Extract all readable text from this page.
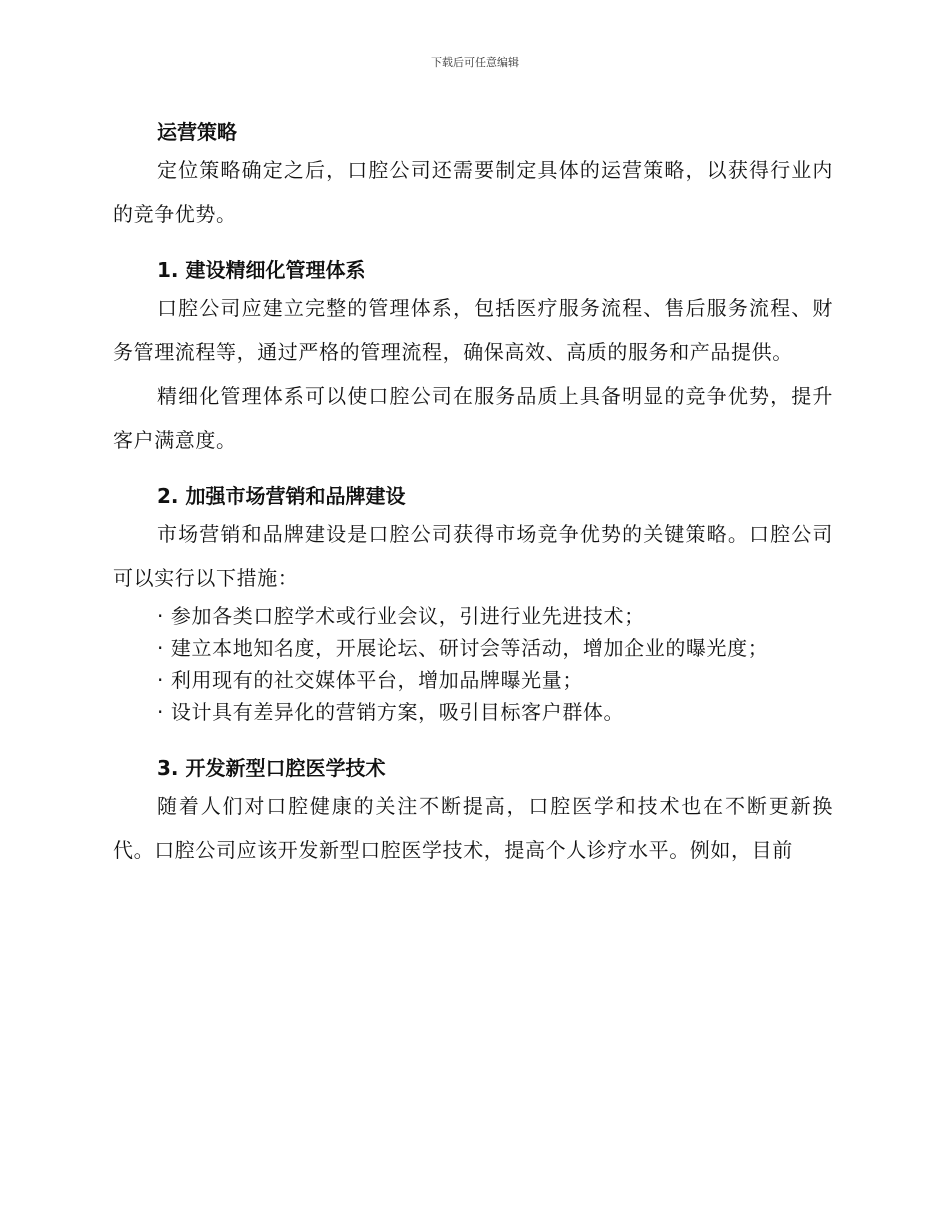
下载后可任意编辑
运营策略

定位策略确定之后，口腔公司还需要制定具体的运营策略，以获得行业内的竞争优势。

1. 建设精细化管理体系

口腔公司应建立完整的管理体系，包括医疗服务流程、售后服务流程、财务管理流程等，通过严格的管理流程，确保高效、高质的服务和产品提供。

精细化管理体系可以使口腔公司在服务品质上具备明显的竞争优势，提升客户满意度。

2. 加强市场营销和品牌建设

市场营销和品牌建设是口腔公司获得市场竞争优势的关键策略。口腔公司可以实行以下措施：

· 参加各类口腔学术或行业会议，引进行业先进技术；

· 建立本地知名度，开展论坛、研讨会等活动，增加企业的曝光度；

· 利用现有的社交媒体平台，增加品牌曝光量；

· 设计具有差异化的营销方案，吸引目标客户群体。

3. 开发新型口腔医学技术

随着人们对口腔健康的关注不断提高，口腔医学和技术也在不断更新换代。口腔公司应该开发新型口腔医学技术，提高个人诊疗水平。例如，目前
